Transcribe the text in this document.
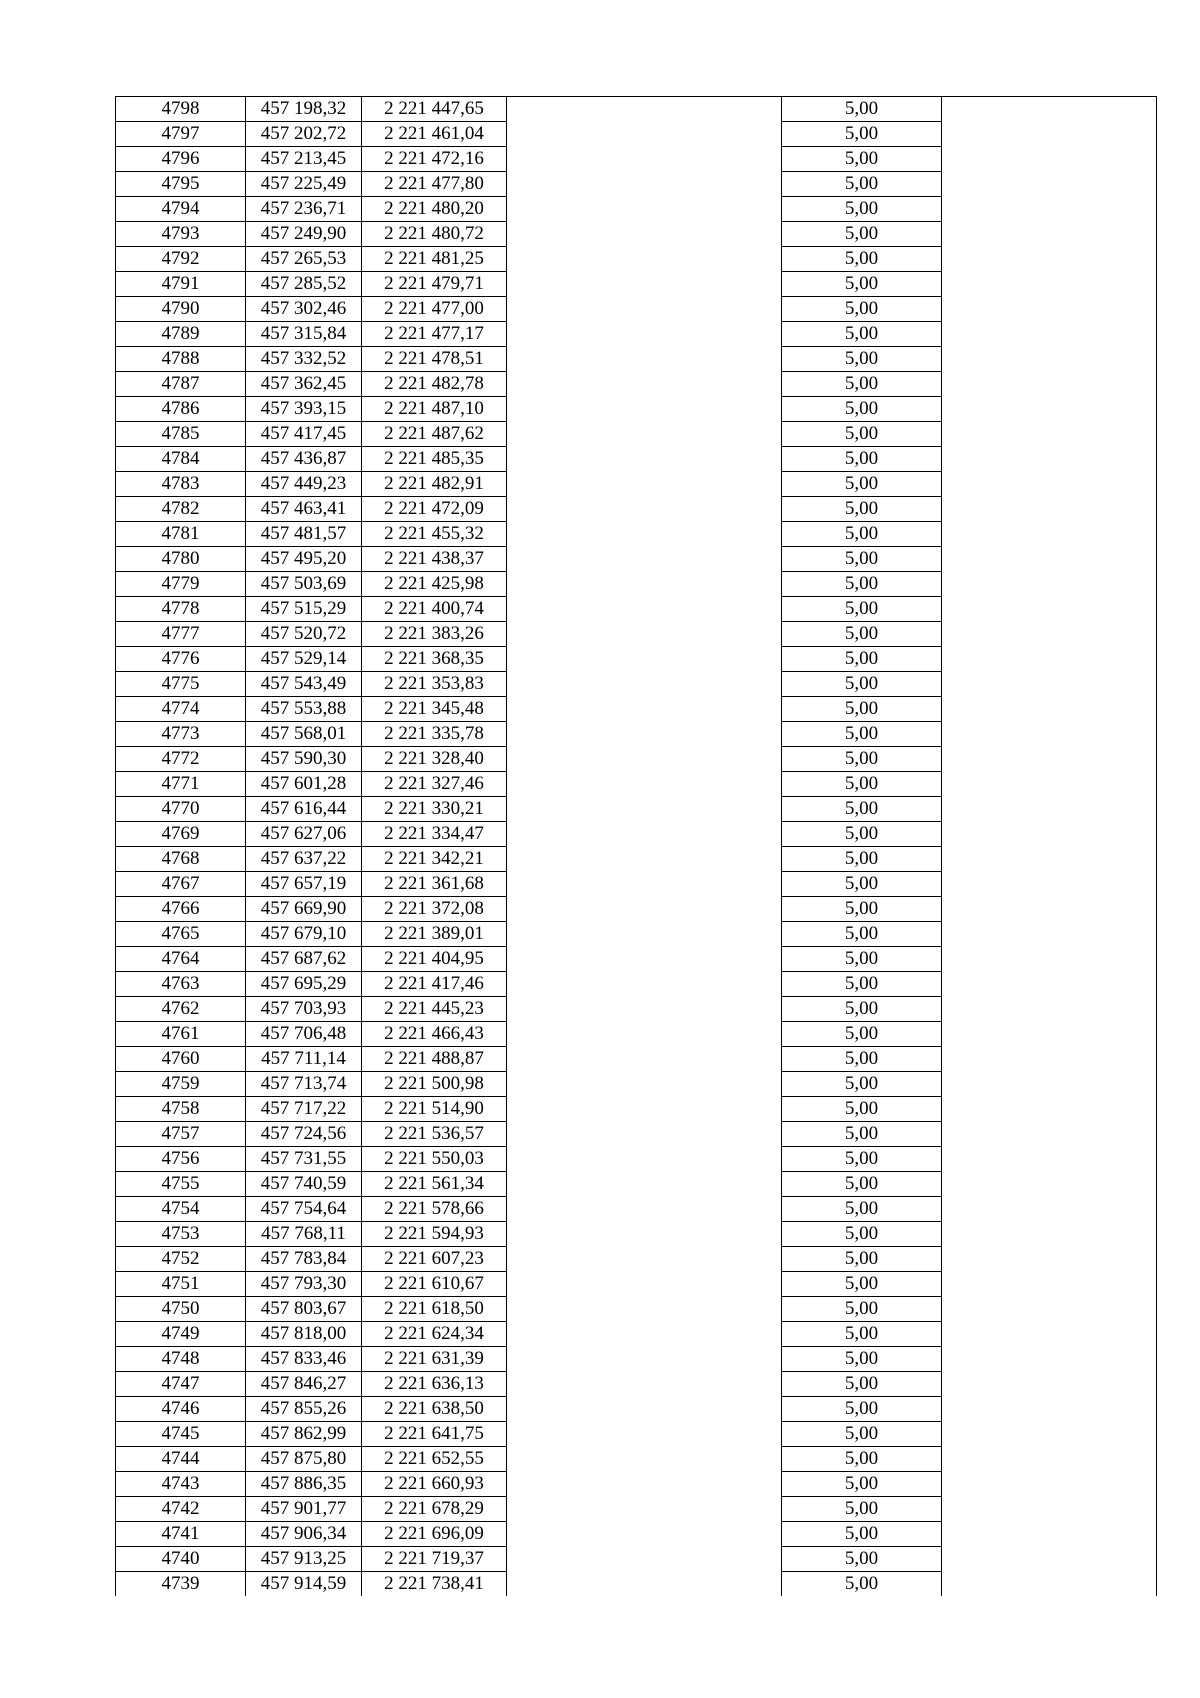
4798	457 198,32	2 221 447,65		5,00	
4797	457 202,72	2 221 461,04		5,00	
4796	457 213,45	2 221 472,16		5,00	
4795	457 225,49	2 221 477,80		5,00	
4794	457 236,71	2 221 480,20		5,00	
4793	457 249,90	2 221 480,72		5,00	
4792	457 265,53	2 221 481,25		5,00	
4791	457 285,52	2 221 479,71		5,00	
4790	457 302,46	2 221 477,00		5,00	
4789	457 315,84	2 221 477,17		5,00	
4788	457 332,52	2 221 478,51		5,00	
4787	457 362,45	2 221 482,78		5,00	
4786	457 393,15	2 221 487,10		5,00	
4785	457 417,45	2 221 487,62		5,00	
4784	457 436,87	2 221 485,35		5,00	
4783	457 449,23	2 221 482,91		5,00	
4782	457 463,41	2 221 472,09		5,00	
4781	457 481,57	2 221 455,32		5,00	
4780	457 495,20	2 221 438,37		5,00	
4779	457 503,69	2 221 425,98		5,00	
4778	457 515,29	2 221 400,74		5,00	
4777	457 520,72	2 221 383,26		5,00	
4776	457 529,14	2 221 368,35		5,00	
4775	457 543,49	2 221 353,83		5,00	
4774	457 553,88	2 221 345,48		5,00	
4773	457 568,01	2 221 335,78		5,00	
4772	457 590,30	2 221 328,40		5,00	
4771	457 601,28	2 221 327,46		5,00	
4770	457 616,44	2 221 330,21		5,00	
4769	457 627,06	2 221 334,47		5,00	
4768	457 637,22	2 221 342,21		5,00	
4767	457 657,19	2 221 361,68		5,00	
4766	457 669,90	2 221 372,08		5,00	
4765	457 679,10	2 221 389,01		5,00	
4764	457 687,62	2 221 404,95		5,00	
4763	457 695,29	2 221 417,46		5,00	
4762	457 703,93	2 221 445,23		5,00	
4761	457 706,48	2 221 466,43		5,00	
4760	457 711,14	2 221 488,87		5,00	
4759	457 713,74	2 221 500,98		5,00	
4758	457 717,22	2 221 514,90		5,00	
4757	457 724,56	2 221 536,57		5,00	
4756	457 731,55	2 221 550,03		5,00	
4755	457 740,59	2 221 561,34		5,00	
4754	457 754,64	2 221 578,66		5,00	
4753	457 768,11	2 221 594,93		5,00	
4752	457 783,84	2 221 607,23		5,00	
4751	457 793,30	2 221 610,67		5,00	
4750	457 803,67	2 221 618,50		5,00	
4749	457 818,00	2 221 624,34		5,00	
4748	457 833,46	2 221 631,39		5,00	
4747	457 846,27	2 221 636,13		5,00	
4746	457 855,26	2 221 638,50		5,00	
4745	457 862,99	2 221 641,75		5,00	
4744	457 875,80	2 221 652,55		5,00	
4743	457 886,35	2 221 660,93		5,00	
4742	457 901,77	2 221 678,29		5,00	
4741	457 906,34	2 221 696,09		5,00	
4740	457 913,25	2 221 719,37		5,00	
4739	457 914,59	2 221 738,41		5,00	
